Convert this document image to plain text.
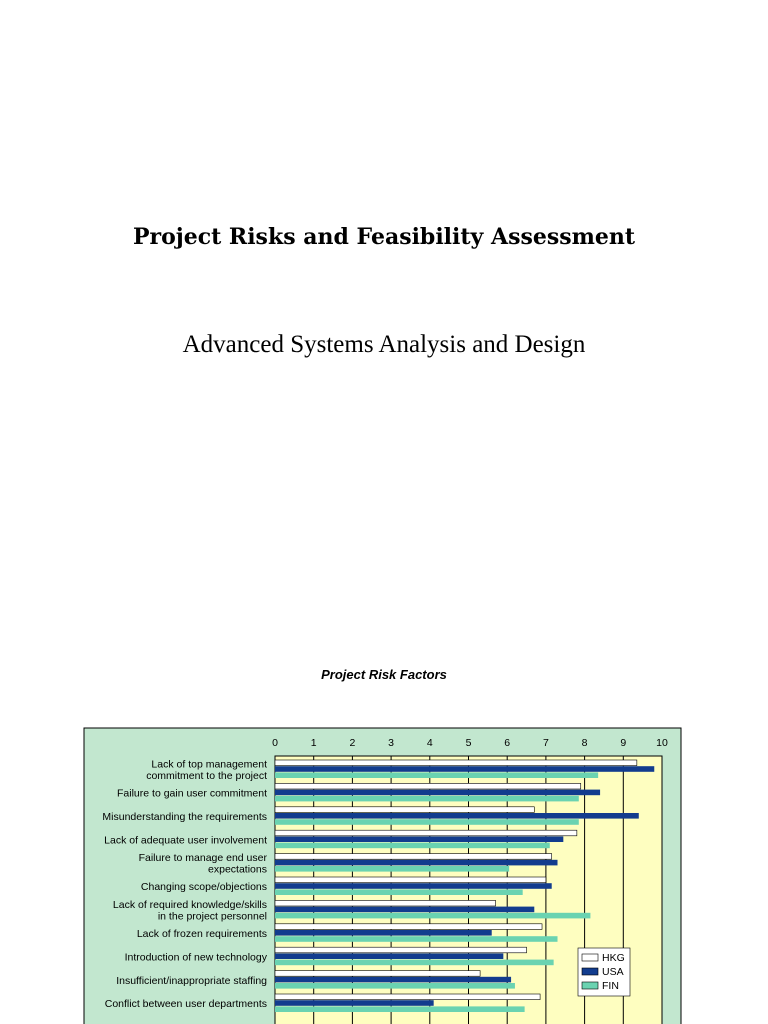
Project Risks and Feasibility Assessment
Advanced Systems Analysis and Design
Project Risk Factors
0	1	2	3	4	5	6	7	8	9	10
Lack of top management
commitment to the project
Failure to gain user commitment
Misunderstanding the requirements
Lack of adequate user involvement
Failure to manage end user
expectations
Changing scope/objections
Lack of required knowledge/skills
in the project personnel
Lack of frozen requirements
Introduction of new technology
Insufficient/inappropriate staffing
Conflict between user departments
HKG
USA
FIN
